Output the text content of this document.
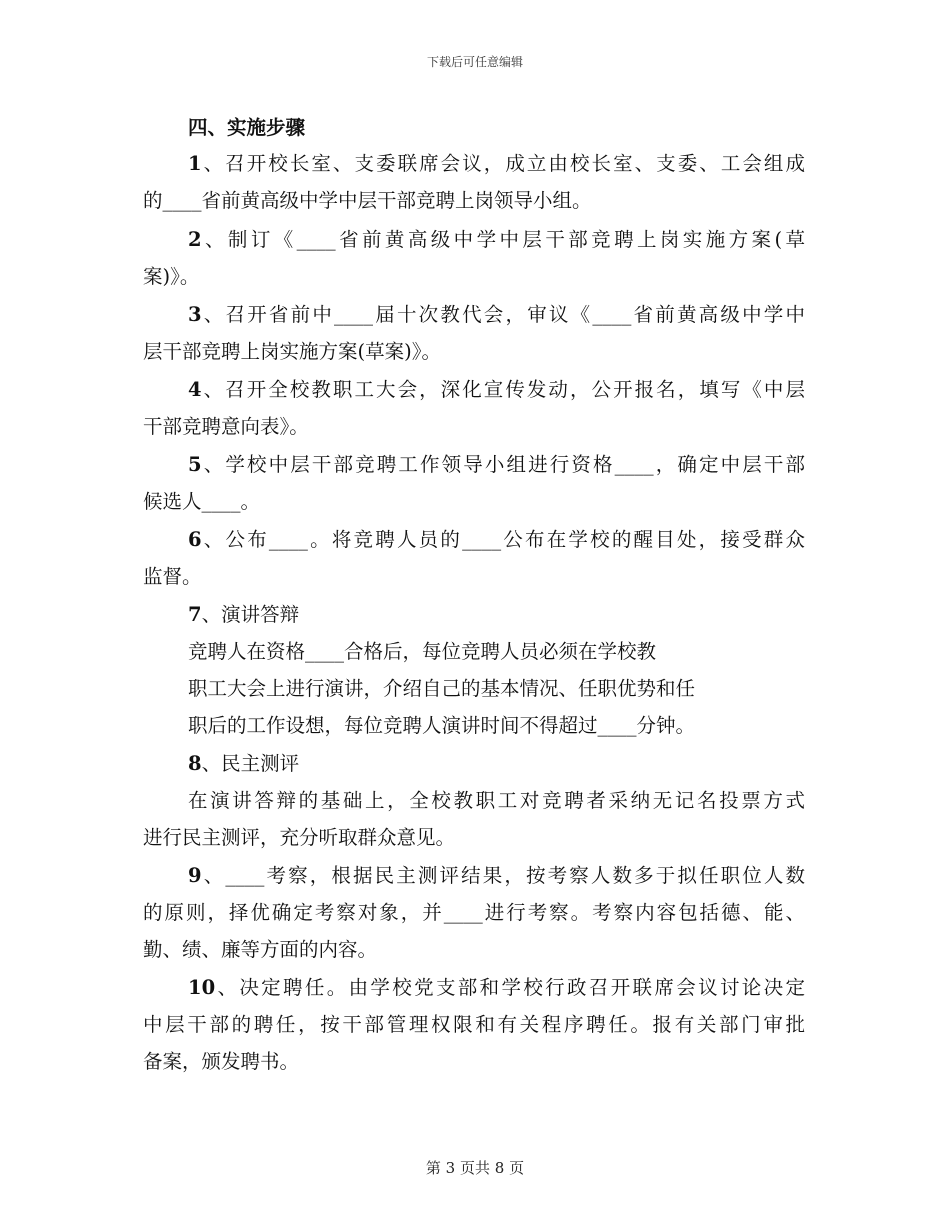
下载后可任意编辑
四、实施步骤
1、召开校长室、支委联席会议，成立由校长室、支委、工会组成
的____省前黄高级中学中层干部竞聘上岗领导小组。
2、制订《____省前黄高级中学中层干部竞聘上岗实施方案(草
案)》。
3、召开省前中____届十次教代会，审议《____省前黄高级中学中
层干部竞聘上岗实施方案(草案)》。
4、召开全校教职工大会，深化宣传发动，公开报名，填写《中层
干部竞聘意向表》。
5、学校中层干部竞聘工作领导小组进行资格____，确定中层干部
候选人____。
6、公布____。将竞聘人员的____公布在学校的醒目处，接受群众
监督。
7、演讲答辩
竞聘人在资格____合格后，每位竞聘人员必须在学校教
职工大会上进行演讲，介绍自己的基本情况、任职优势和任
职后的工作设想，每位竞聘人演讲时间不得超过____分钟。
8、民主测评
在演讲答辩的基础上，全校教职工对竞聘者采纳无记名投票方式
进行民主测评，充分听取群众意见。
9、____考察，根据民主测评结果，按考察人数多于拟任职位人数
的原则，择优确定考察对象，并____进行考察。考察内容包括德、能、
勤、绩、廉等方面的内容。
10、决定聘任。由学校党支部和学校行政召开联席会议讨论决定
中层干部的聘任，按干部管理权限和有关程序聘任。报有关部门审批
备案，颁发聘书。
第 3 页共 8 页
